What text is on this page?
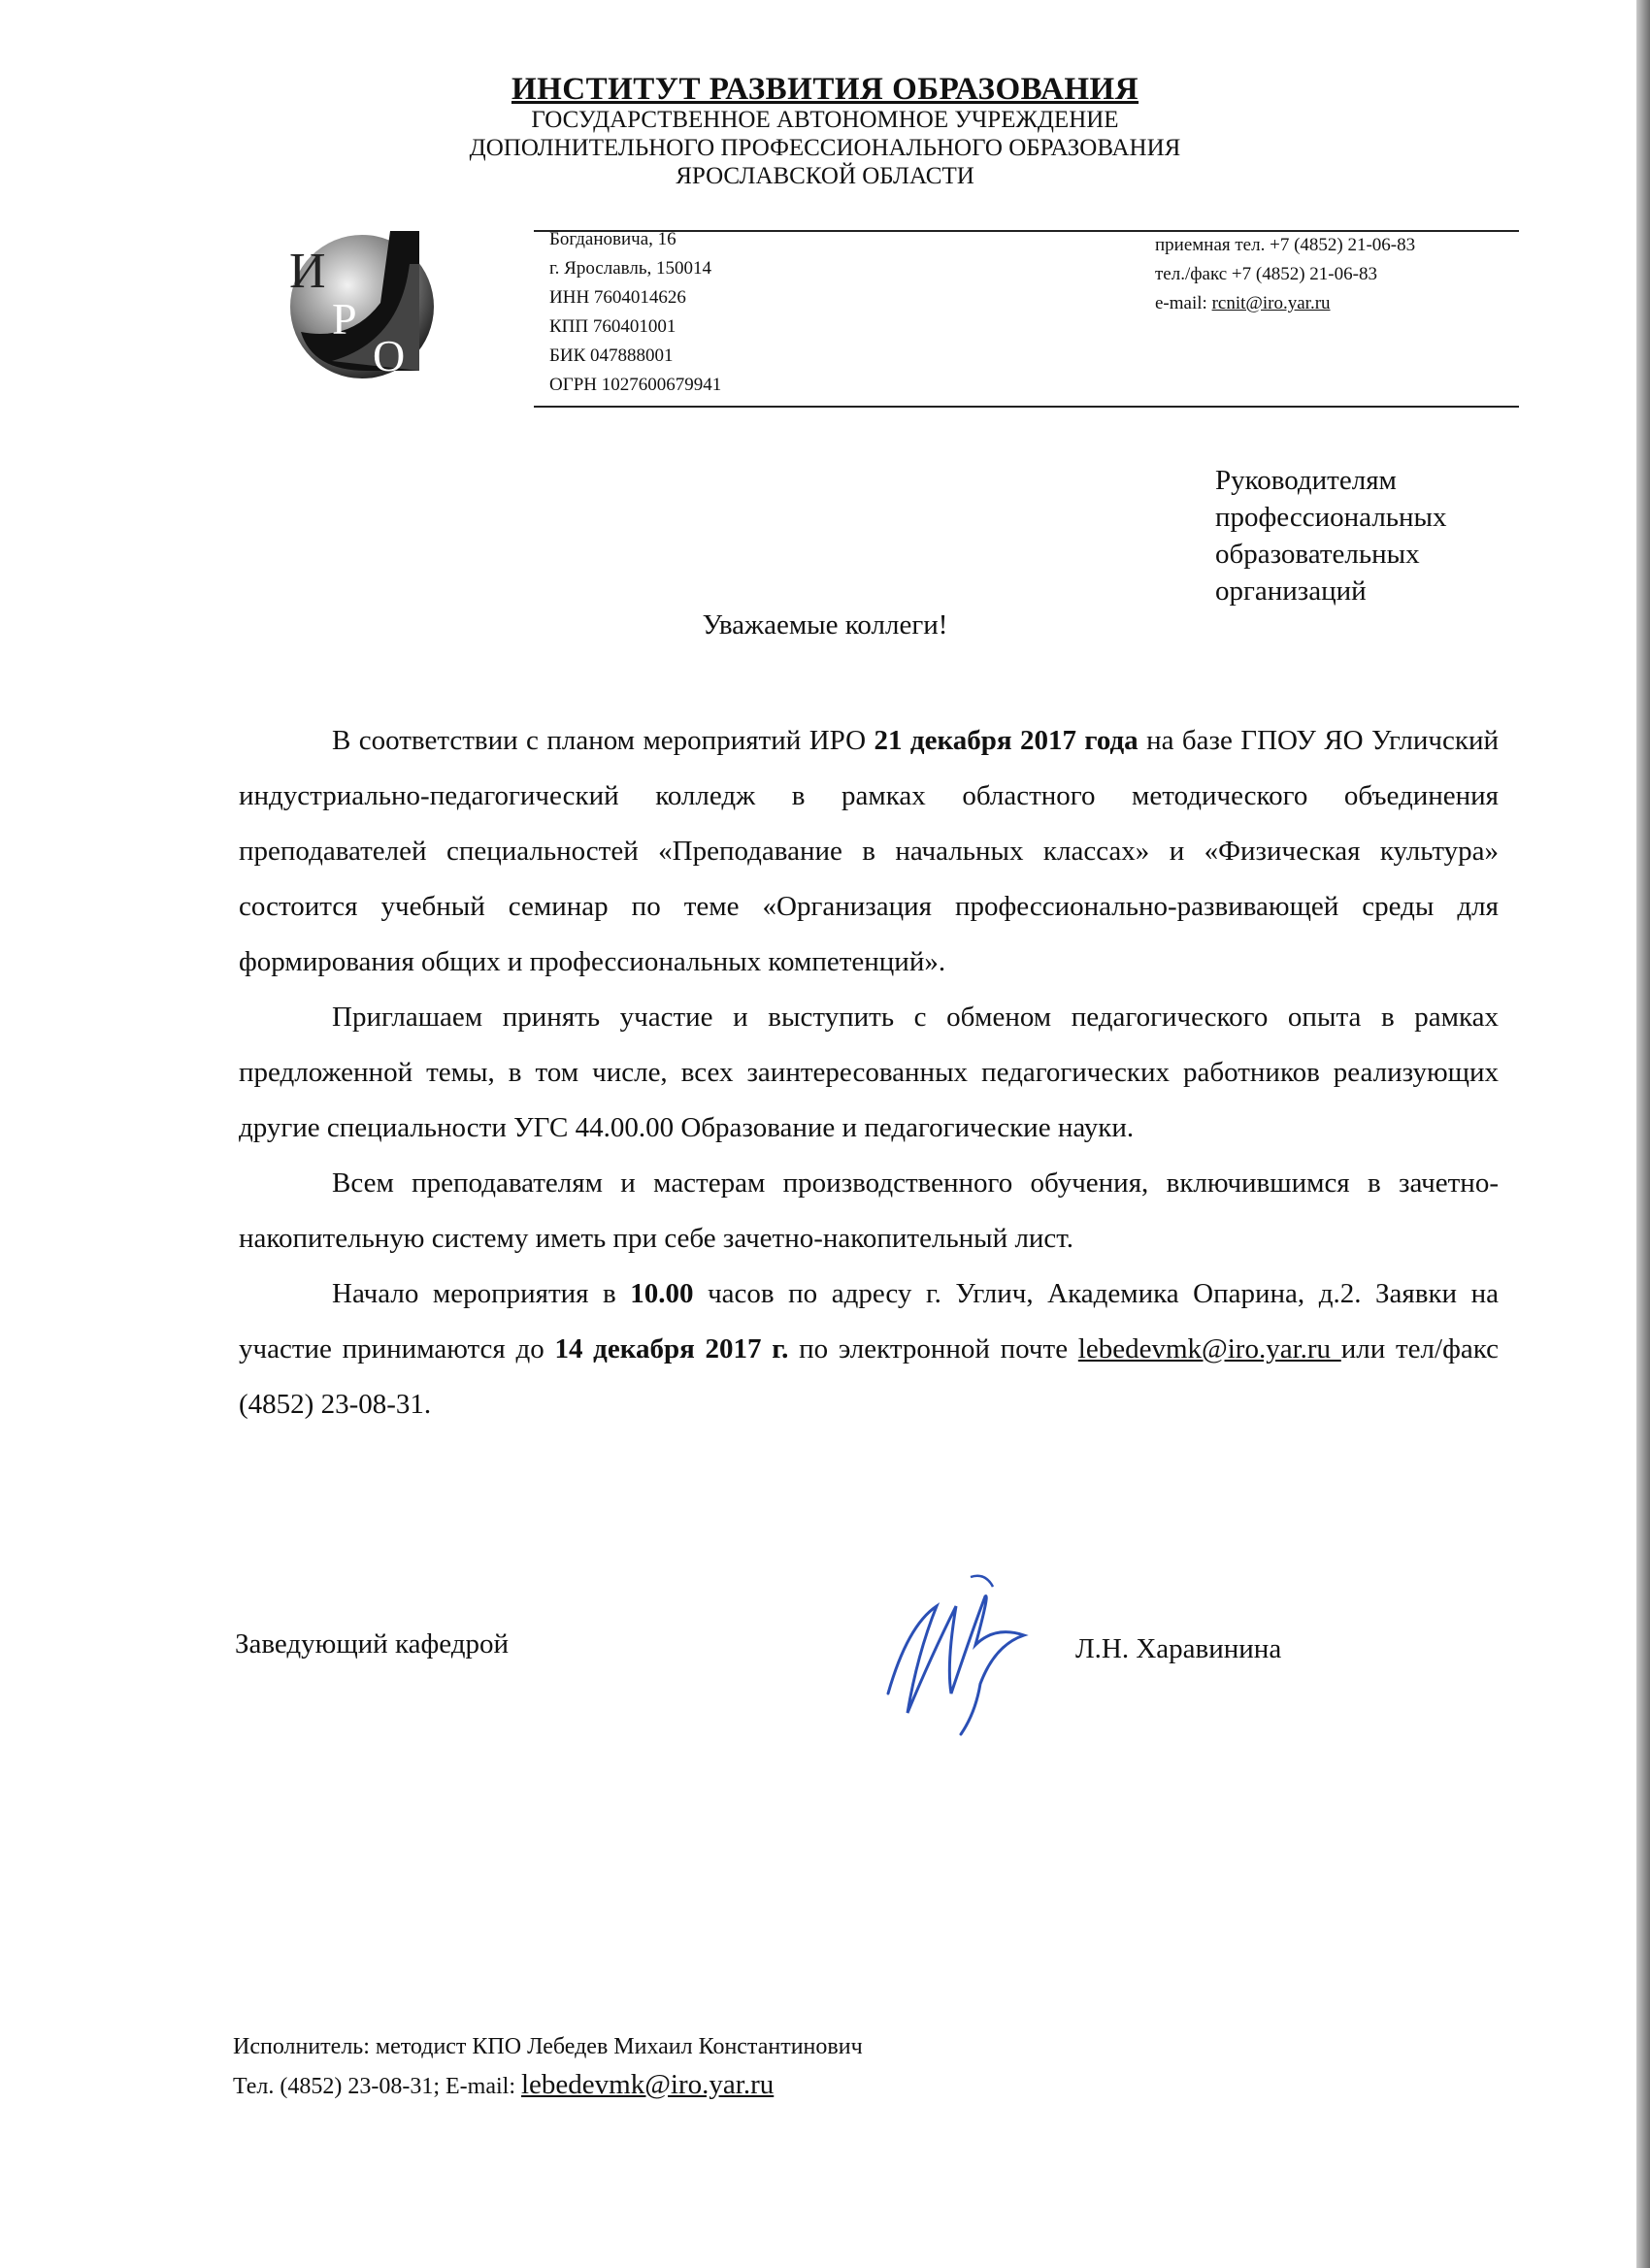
ИНСТИТУТ РАЗВИТИЯ ОБРАЗОВАНИЯ
ГОСУДАРСТВЕННОЕ АВТОНОМНОЕ УЧРЕЖДЕНИЕ
ДОПОЛНИТЕЛЬНОГО ПРОФЕССИОНАЛЬНОГО ОБРАЗОВАНИЯ
ЯРОСЛАВСКОЙ ОБЛАСТИ
И
Р
О
Богдановича, 16
г. Ярославль, 150014
ИНН 7604014626
КПП 760401001
БИК 047888001
ОГРН 1027600679941
приемная тел. +7 (4852) 21-06-83
тел./факс +7 (4852) 21-06-83
e-mail: rcnit@iro.yar.ru
Руководителям
профессиональных
образовательных
организаций
Уважаемые коллеги!

В соответствии с планом мероприятий ИРО 21 декабря 2017 года на базе ГПОУ ЯО Угличский индустриально-педагогический колледж в рамках областного методического объединения преподавателей специальностей «Преподавание в начальных классах» и «Физическая культура» состоится учебный семинар по теме «Организация профессионально-развивающей среды для формирования общих и профессиональных компетенций».

Приглашаем принять участие и выступить с обменом педагогического опыта в рамках предложенной темы, в том числе, всех заинтересованных педагогических работников реализующих другие специальности УГС 44.00.00 Образование и педагогические науки.

Всем преподавателям и мастерам производственного обучения, включившимся в зачетно-накопительную систему иметь при себе зачетно-накопительный лист.

Начало мероприятия в 10.00 часов по адресу г. Углич, Академика Опарина, д.2. Заявки на участие принимаются до 14 декабря 2017 г. по электронной почте lebedevmk@iro.yar.ru или тел/факс (4852) 23-08-31.

Заведующий кафедрой	Л.Н. Харавинина
Исполнитель: методист КПО Лебедев Михаил Константинович
Тел. (4852) 23-08-31; E-mail: lebedevmk@iro.yar.ru
